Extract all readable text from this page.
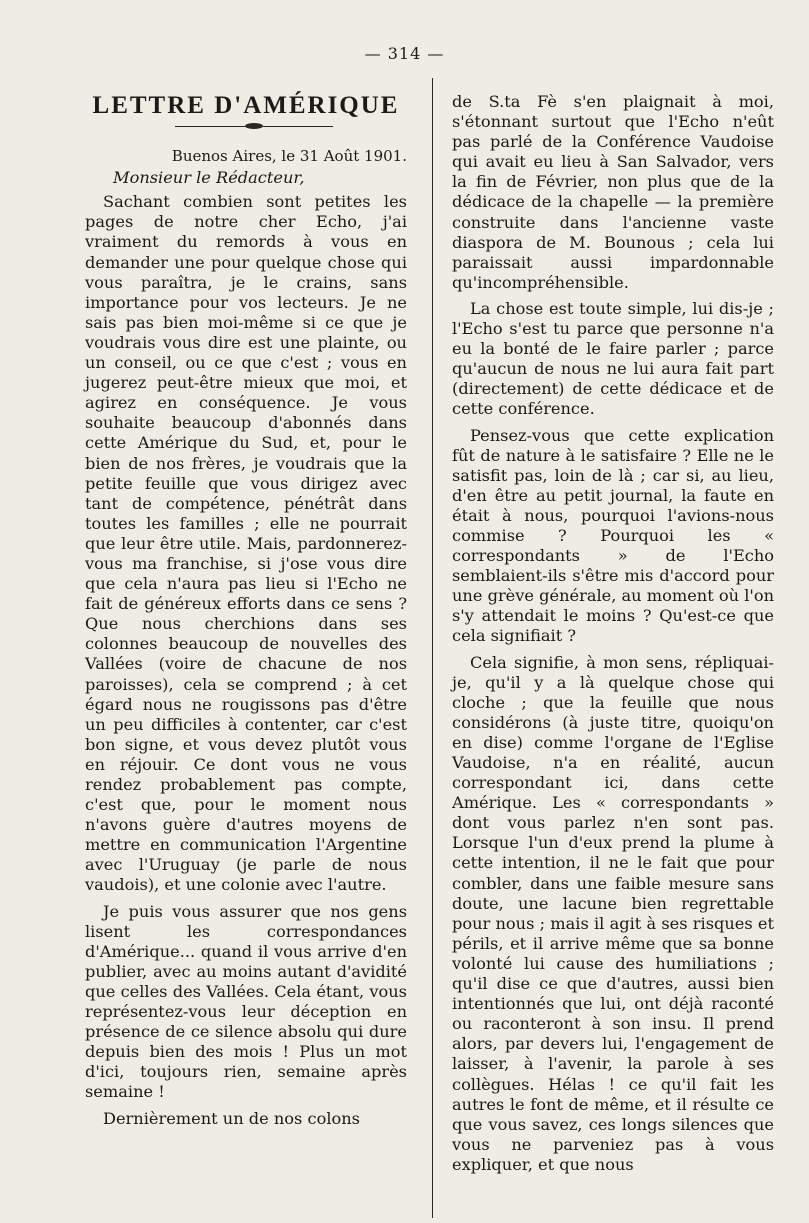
— 314 —
LETTRE D'AMÉRIQUE
Buenos Aires, le 31 Août 1901.
Monsieur le Rédacteur,

Sachant combien sont petites les pages de notre cher Echo, j'ai vraiment du remords à vous en demander une pour quelque chose qui vous paraîtra, je le crains, sans importance pour vos lecteurs. Je ne sais pas bien moi-même si ce que je voudrais vous dire est une plainte, ou un conseil, ou ce que c'est ; vous en jugerez peut-être mieux que moi, et agirez en conséquence. Je vous souhaite beaucoup d'abonnés dans cette Amérique du Sud, et, pour le bien de nos frères, je voudrais que la petite feuille que vous dirigez avec tant de compétence, pénétrât dans toutes les familles ; elle ne pourrait que leur être utile. Mais, pardonnerez-vous ma franchise, si j'ose vous dire que cela n'aura pas lieu si l'Echo ne fait de généreux efforts dans ce sens ? Que nous cherchions dans ses colonnes beaucoup de nouvelles des Vallées (voire de chacune de nos paroisses), cela se comprend ; à cet égard nous ne rougissons pas d'être un peu difficiles à contenter, car c'est bon signe, et vous devez plutôt vous en réjouir. Ce dont vous ne vous rendez probablement pas compte, c'est que, pour le moment nous n'avons guère d'autres moyens de mettre en communication l'Argentine avec l'Uruguay (je parle de nous vaudois), et une colonie avec l'autre.

Je puis vous assurer que nos gens lisent les correspondances d'Amérique... quand il vous arrive d'en publier, avec au moins autant d'avidité que celles des Vallées. Cela étant, vous représentez-vous leur déception en présence de ce silence absolu qui dure depuis bien des mois ! Plus un mot d'ici, toujours rien, semaine après semaine !

Dernièrement un de nos colons

de S.ta Fè s'en plaignait à moi, s'étonnant surtout que l'Echo n'eût pas parlé de la Conférence Vaudoise qui avait eu lieu à San Salvador, vers la fin de Février, non plus que de la dédicace de la chapelle — la première construite dans l'ancienne vaste diaspora de M. Bounous ; cela lui paraissait aussi impardonnable qu'incompréhensible.

La chose est toute simple, lui dis-je ; l'Echo s'est tu parce que personne n'a eu la bonté de le faire parler ; parce qu'aucun de nous ne lui aura fait part (directement) de cette dédicace et de cette conférence.

Pensez-vous que cette explication fût de nature à le satisfaire ? Elle ne le satisfit pas, loin de là ; car si, au lieu, d'en être au petit journal, la faute en était à nous, pourquoi l'avions-nous commise ? Pourquoi les « correspondants » de l'Echo semblaient-ils s'être mis d'accord pour une grève générale, au moment où l'on s'y attendait le moins ? Qu'est-ce que cela signifiait ?

Cela signifie, à mon sens, répliquai-je, qu'il y a là quelque chose qui cloche ; que la feuille que nous considérons (à juste titre, quoiqu'on en dise) comme l'organe de l'Eglise Vaudoise, n'a en réalité, aucun correspondant ici, dans cette Amérique. Les « correspondants » dont vous parlez n'en sont pas. Lorsque l'un d'eux prend la plume à cette intention, il ne le fait que pour combler, dans une faible mesure sans doute, une lacune bien regrettable pour nous ; mais il agit à ses risques et périls, et il arrive même que sa bonne volonté lui cause des humiliations ; qu'il dise ce que d'autres, aussi bien intentionnés que lui, ont déjà raconté ou raconteront à son insu. Il prend alors, par devers lui, l'engagement de laisser, à l'avenir, la parole à ses collègues. Hélas ! ce qu'il fait les autres le font de même, et il résulte ce que vous savez, ces longs silences que vous ne parveniez pas à vous expliquer, et que nous
